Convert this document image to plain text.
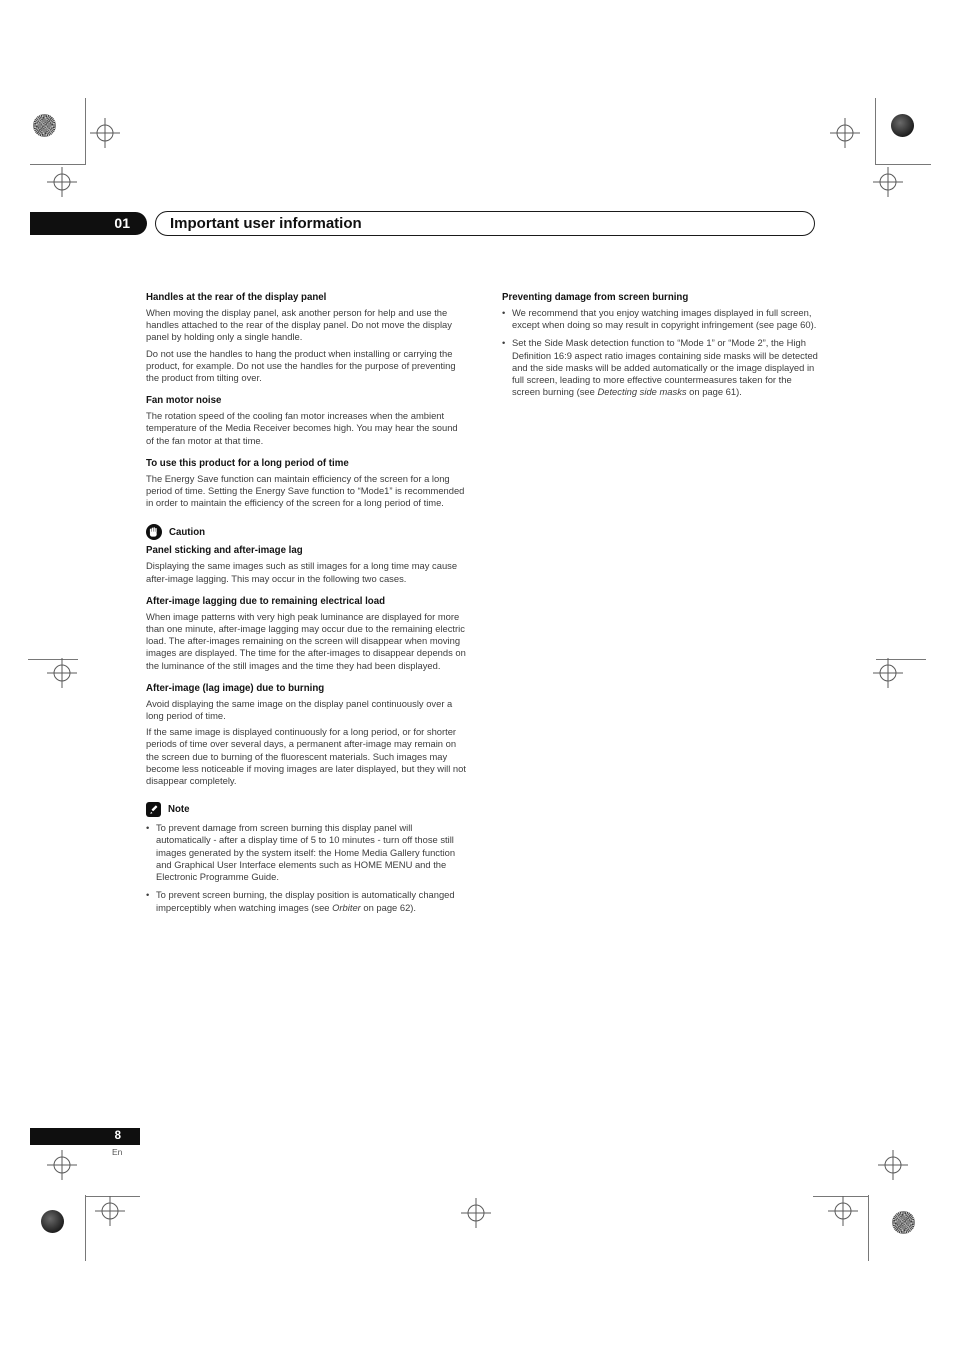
01	Important user information
Handles at the rear of the display panel

When moving the display panel, ask another person for help and use the handles attached to the rear of the display panel. Do not move the display panel by holding only a single handle.

Do not use the handles to hang the product when installing or carrying the product, for example. Do not use the handles for the purpose of preventing the product from tilting over.

Fan motor noise

The rotation speed of the cooling fan motor increases when the ambient temperature of the Media Receiver becomes high. You may hear the sound of the fan motor at that time.

To use this product for a long period of time

The Energy Save function can maintain efficiency of the screen for a long period of time. Setting the Energy Save function to “Mode1” is recommended in order to maintain the efficiency of the screen for a long period of time.

Caution
Panel sticking and after-image lag

Displaying the same images such as still images for a long time may cause after-image lagging. This may occur in the following two cases.

After-image lagging due to remaining electrical load

When image patterns with very high peak luminance are displayed for more than one minute, after-image lagging may occur due to the remaining electric load. The after-images remaining on the screen will disappear when moving images are displayed. The time for the after-images to disappear depends on the luminance of the still images and the time they had been displayed.

After-image (lag image) due to burning

Avoid displaying the same image on the display panel continuously over a long period of time.

If the same image is displayed continuously for a long period, or for shorter periods of time over several days, a permanent after-image may remain on the screen due to burning of the fluorescent materials. Such images may become less noticeable if moving images are later displayed, but they will not disappear completely.

Note
• To prevent damage from screen burning this display panel will automatically - after a display time of 5 to 10 minutes - turn off those still images generated by the system itself: the Home Media Gallery function and Graphical User Interface elements such as HOME MENU and the Electronic Programme Guide.
• To prevent screen burning, the display position is automatically changed imperceptibly when watching images (see Orbiter on page 62).
Preventing damage from screen burning
• We recommend that you enjoy watching images displayed in full screen, except when doing so may result in copyright infringement (see page 60).
• Set the Side Mask detection function to “Mode 1” or “Mode 2”, the High Definition 16:9 aspect ratio images containing side masks will be detected and the side masks will be added automatically or the image displayed in full screen, leading to more effective countermeasures taken for the screen burning (see Detecting side masks on page 61).
8
En
